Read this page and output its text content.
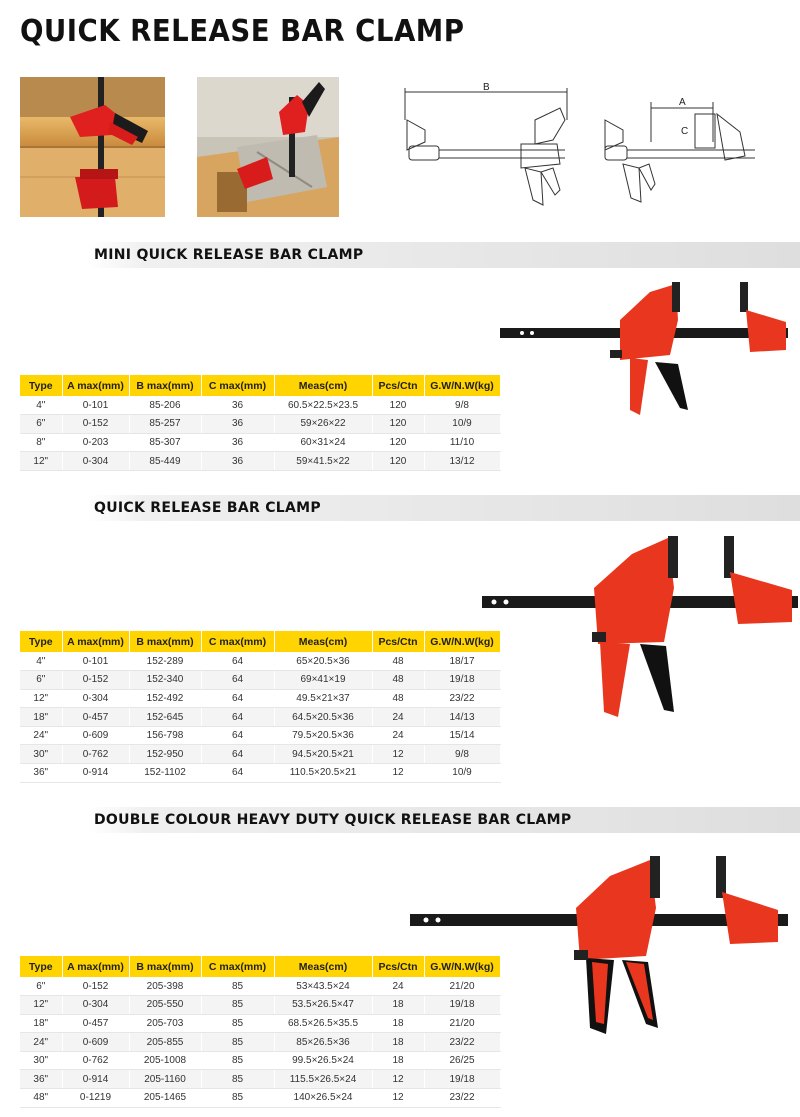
QUICK RELEASE BAR CLAMP
B
A
C
MINI QUICK RELEASE BAR CLAMP
Type	A max(mm)	B max(mm)	C max(mm)	Meas(cm)	Pcs/Ctn	G.W/N.W(kg)
4"	0-101	85-206	36	60.5×22.5×23.5	120	9/8
6"	0-152	85-257	36	59×26×22	120	10/9
8"	0-203	85-307	36	60×31×24	120	11/10
12"	0-304	85-449	36	59×41.5×22	120	13/12
QUICK RELEASE BAR CLAMP
Type	A max(mm)	B max(mm)	C max(mm)	Meas(cm)	Pcs/Ctn	G.W/N.W(kg)
4"	0-101	152-289	64	65×20.5×36	48	18/17
6"	0-152	152-340	64	69×41×19	48	19/18
12"	0-304	152-492	64	49.5×21×37	48	23/22
18"	0-457	152-645	64	64.5×20.5×36	24	14/13
24"	0-609	156-798	64	79.5×20.5×36	24	15/14
30"	0-762	152-950	64	94.5×20.5×21	12	9/8
36"	0-914	152-1102	64	110.5×20.5×21	12	10/9
DOUBLE COLOUR HEAVY DUTY QUICK RELEASE BAR CLAMP
Type	A max(mm)	B max(mm)	C max(mm)	Meas(cm)	Pcs/Ctn	G.W/N.W(kg)
6"	0-152	205-398	85	53×43.5×24	24	21/20
12"	0-304	205-550	85	53.5×26.5×47	18	19/18
18"	0-457	205-703	85	68.5×26.5×35.5	18	21/20
24"	0-609	205-855	85	85×26.5×36	18	23/22
30"	0-762	205-1008	85	99.5×26.5×24	18	26/25
36"	0-914	205-1160	85	115.5×26.5×24	12	19/18
48"	0-1219	205-1465	85	140×26.5×24	12	23/22
